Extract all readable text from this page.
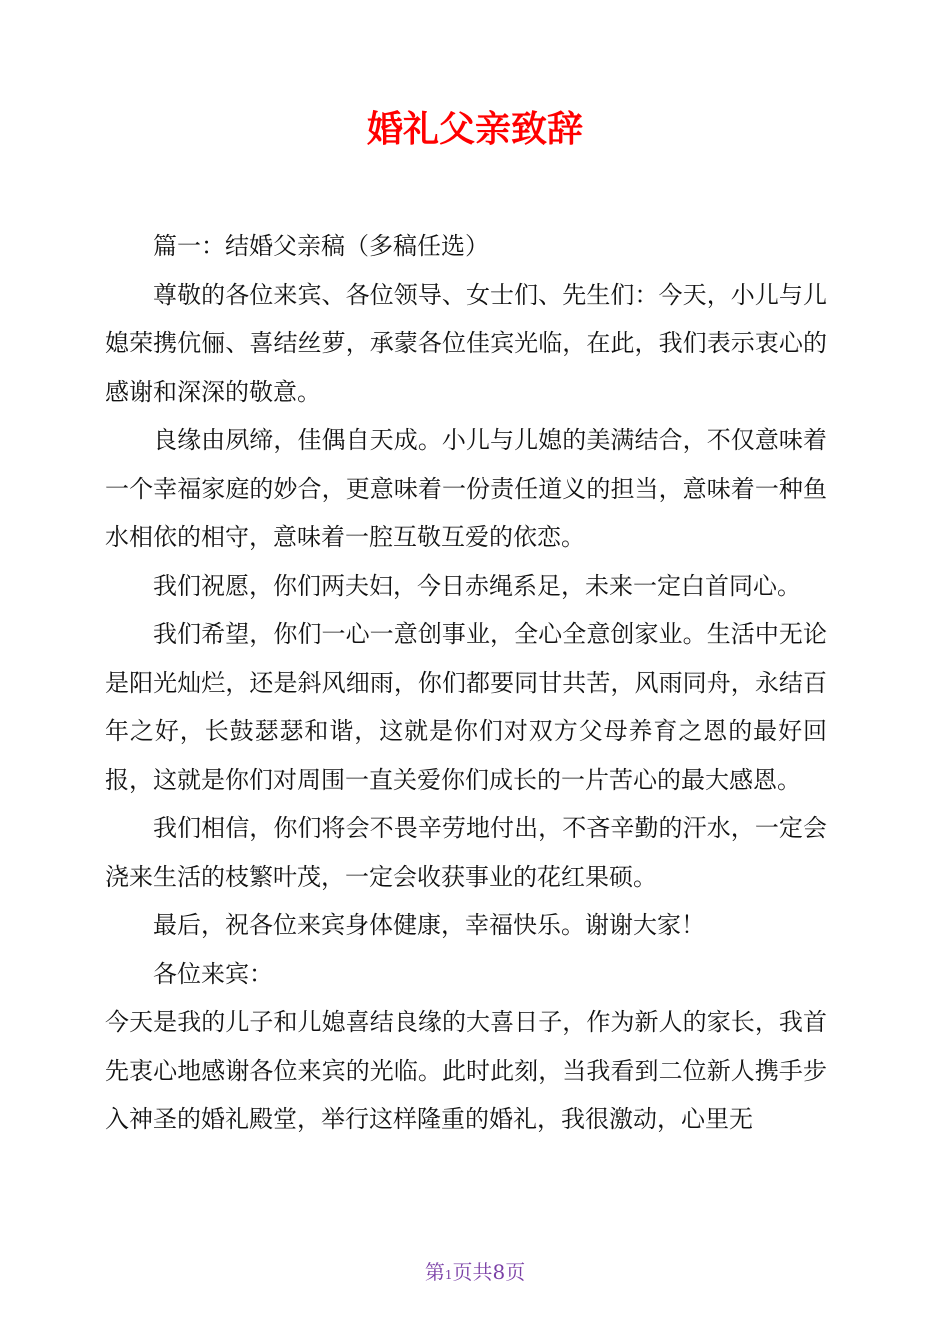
婚礼父亲致辞

篇一：结婚父亲稿（多稿任选）

尊敬的各位来宾、各位领导、女士们、先生们：今天，小儿与儿媳荣携伉俪、喜结丝萝，承蒙各位佳宾光临，在此，我们表示衷心的感谢和深深的敬意。

良缘由夙缔，佳偶自天成。小儿与儿媳的美满结合，不仅意味着一个幸福家庭的妙合，更意味着一份责任道义的担当，意味着一种鱼水相依的相守，意味着一腔互敬互爱的依恋。

我们祝愿，你们两夫妇，今日赤绳系足，未来一定白首同心。

我们希望，你们一心一意创事业，全心全意创家业。生活中无论是阳光灿烂，还是斜风细雨，你们都要同甘共苦，风雨同舟，永结百年之好，长鼓瑟瑟和谐，这就是你们对双方父母养育之恩的最好回报，这就是你们对周围一直关爱你们成长的一片苦心的最大感恩。

我们相信，你们将会不畏辛劳地付出，不吝辛勤的汗水，一定会浇来生活的枝繁叶茂，一定会收获事业的花红果硕。

最后，祝各位来宾身体健康，幸福快乐。谢谢大家！

各位来宾：

今天是我的儿子和儿媳喜结良缘的大喜日子，作为新人的家长，我首先衷心地感谢各位来宾的光临。此时此刻，当我看到二位新人携手步入神圣的婚礼殿堂，举行这样隆重的婚礼，我很激动，心里无

第1页共8页
